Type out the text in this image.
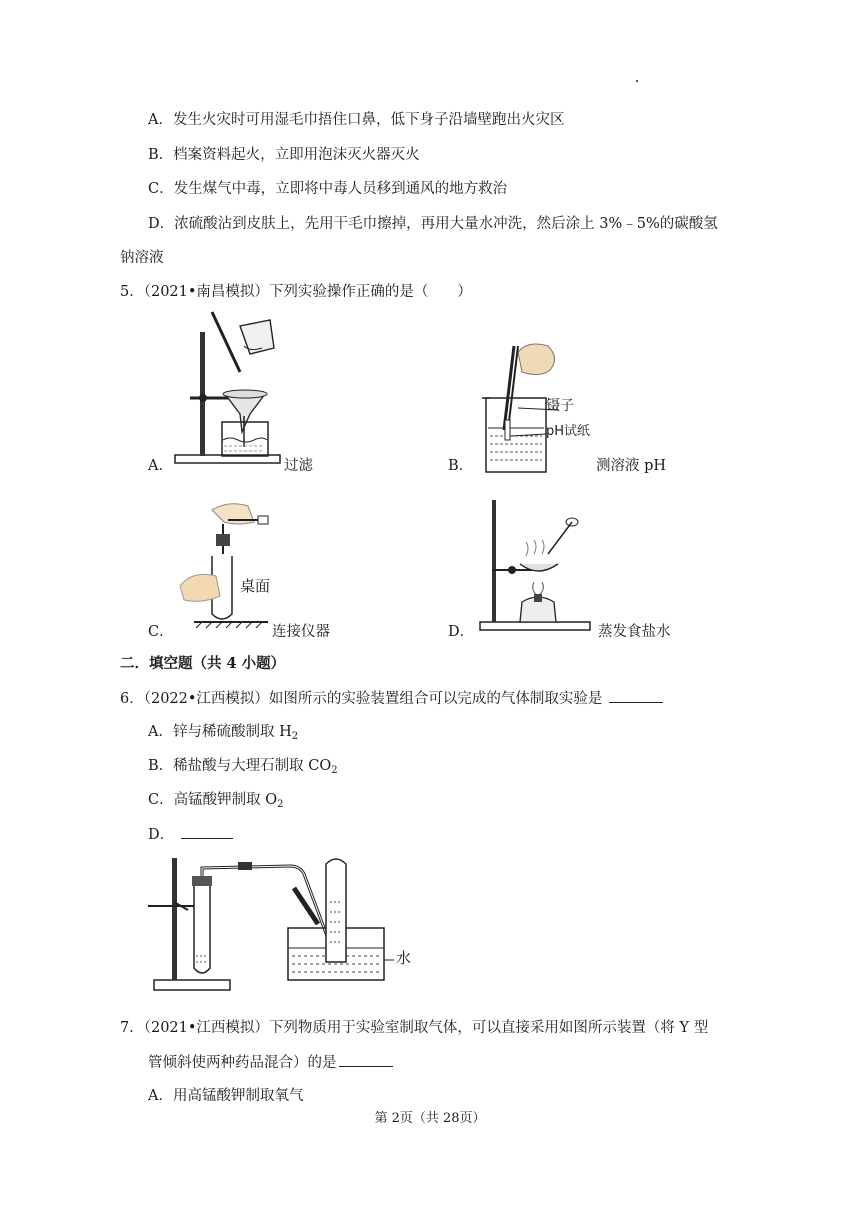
A．发生火灾时可用湿毛巾捂住口鼻，低下身子沿墙壁跑出火灾区
B．档案资料起火，立即用泡沫灭火器灭火
C．发生煤气中毒，立即将中毒人员移到通风的地方救治
D．浓硫酸沾到皮肤上，先用干毛巾擦掉，再用大量水冲洗，然后涂上 3%﹣5%的碳酸氢
钠溶液
5．（2021•南昌模拟）下列实验操作正确的是（　　）
A．	过滤
镊子
pH试纸
B．	测溶液 pH
桌面
C．	连接仪器	D．	蒸发食盐水
二．填空题（共 4 小题）
6．（2022•江西模拟）如图所示的实验装置组合可以完成的气体制取实验是
A．锌与稀硫酸制取 $H_2$
B．稀盐酸与大理石制取 $CO_2$
C．高锰酸钾制取 $O_2$
D．
水
7．（2021•江西模拟）下列物质用于实验室制取气体，可以直接采用如图所示装置（将 Y 型
管倾斜使两种药品混合）的是
A．用高锰酸钾制取氧气
第 2页（共 28页）
